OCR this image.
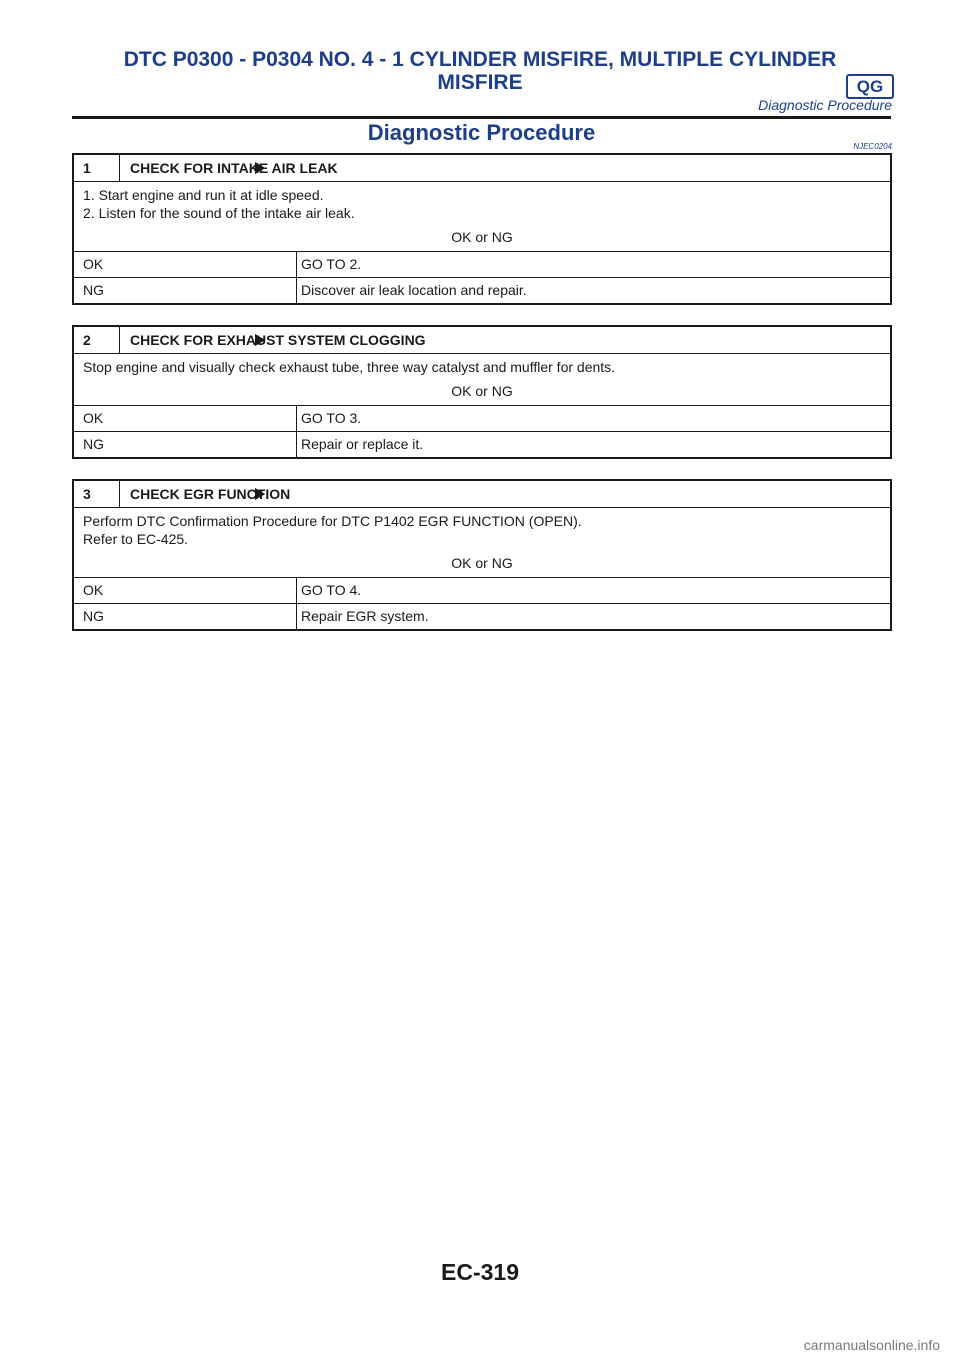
DTC P0300 - P0304 NO. 4 - 1 CYLINDER MISFIRE, MULTIPLE CYLINDER
MISFIRE	QG
Diagnostic Procedure
Diagnostic Procedure
NJEC0204
1	CHECK FOR INTAKE AIR LEAK
1. Start engine and run it at idle speed.
2. Listen for the sound of the intake air leak.
OK or NG
OK	GO TO 2.
NG	Discover air leak location and repair.
2	CHECK FOR EXHAUST SYSTEM CLOGGING
Stop engine and visually check exhaust tube, three way catalyst and muffler for dents.
OK or NG
OK	GO TO 3.
NG	Repair or replace it.
3	CHECK EGR FUNCTION
Perform DTC Confirmation Procedure for DTC P1402 EGR FUNCTION (OPEN).
Refer to EC-425.
OK or NG
OK	GO TO 4.
NG	Repair EGR system.
EC-319
carmanualsonline.info
